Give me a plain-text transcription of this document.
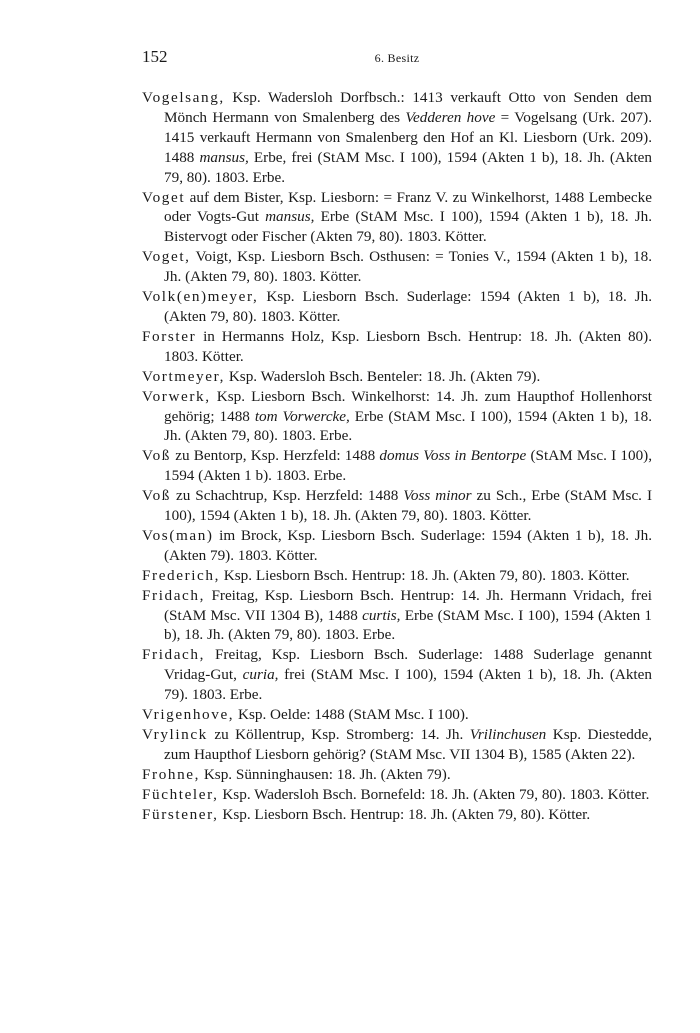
152	6. Besitz

Vogelsang, Ksp. Wadersloh Dorfbsch.: 1413 verkauft Otto von Senden dem Mönch Hermann von Smalenberg des Vedderen hove = Vogelsang (Urk. 207). 1415 verkauft Hermann von Smalenberg den Hof an Kl. Liesborn (Urk. 209). 1488 mansus, Erbe, frei (StAM Msc. I 100), 1594 (Akten 1 b), 18. Jh. (Akten 79, 80). 1803. Erbe.

Voget auf dem Bister, Ksp. Liesborn: = Franz V. zu Winkelhorst, 1488 Lembecke oder Vogts-Gut mansus, Erbe (StAM Msc. I 100), 1594 (Akten 1 b), 18. Jh. Bistervogt oder Fischer (Akten 79, 80). 1803. Kötter.

Voget, Voigt, Ksp. Liesborn Bsch. Osthusen: = Tonies V., 1594 (Akten 1 b), 18. Jh. (Akten 79, 80). 1803. Kötter.

Volk(en)meyer, Ksp. Liesborn Bsch. Suderlage: 1594 (Akten 1 b), 18. Jh. (Akten 79, 80). 1803. Kötter.

Forster in Hermanns Holz, Ksp. Liesborn Bsch. Hentrup: 18. Jh. (Akten 80). 1803. Kötter.

Vortmeyer, Ksp. Wadersloh Bsch. Benteler: 18. Jh. (Akten 79).

Vorwerk, Ksp. Liesborn Bsch. Winkelhorst: 14. Jh. zum Haupthof Hollenhorst gehörig; 1488 tom Vorwercke, Erbe (StAM Msc. I 100), 1594 (Akten 1 b), 18. Jh. (Akten 79, 80). 1803. Erbe.

Voß zu Bentorp, Ksp. Herzfeld: 1488 domus Voss in Bentorpe (StAM Msc. I 100), 1594 (Akten 1 b). 1803. Erbe.

Voß zu Schachtrup, Ksp. Herzfeld: 1488 Voss minor zu Sch., Erbe (StAM Msc. I 100), 1594 (Akten 1 b), 18. Jh. (Akten 79, 80). 1803. Kötter.

Vos(man) im Brock, Ksp. Liesborn Bsch. Suderlage: 1594 (Akten 1 b), 18. Jh. (Akten 79). 1803. Kötter.

Frederich, Ksp. Liesborn Bsch. Hentrup: 18. Jh. (Akten 79, 80). 1803. Kötter.

Fridach, Freitag, Ksp. Liesborn Bsch. Hentrup: 14. Jh. Hermann Vridach, frei (StAM Msc. VII 1304 B), 1488 curtis, Erbe (StAM Msc. I 100), 1594 (Akten 1 b), 18. Jh. (Akten 79, 80). 1803. Erbe.

Fridach, Freitag, Ksp. Liesborn Bsch. Suderlage: 1488 Suderlage genannt Vridag-Gut, curia, frei (StAM Msc. I 100), 1594 (Akten 1 b), 18. Jh. (Akten 79). 1803. Erbe.

Vrigenhove, Ksp. Oelde: 1488 (StAM Msc. I 100).

Vrylinck zu Köllentrup, Ksp. Stromberg: 14. Jh. Vrilinchusen Ksp. Diestedde, zum Haupthof Liesborn gehörig? (StAM Msc. VII 1304 B), 1585 (Akten 22).

Frohne, Ksp. Sünninghausen: 18. Jh. (Akten 79).

Füchteler, Ksp. Wadersloh Bsch. Bornefeld: 18. Jh. (Akten 79, 80). 1803. Kötter.

Fürstener, Ksp. Liesborn Bsch. Hentrup: 18. Jh. (Akten 79, 80). Kötter.
